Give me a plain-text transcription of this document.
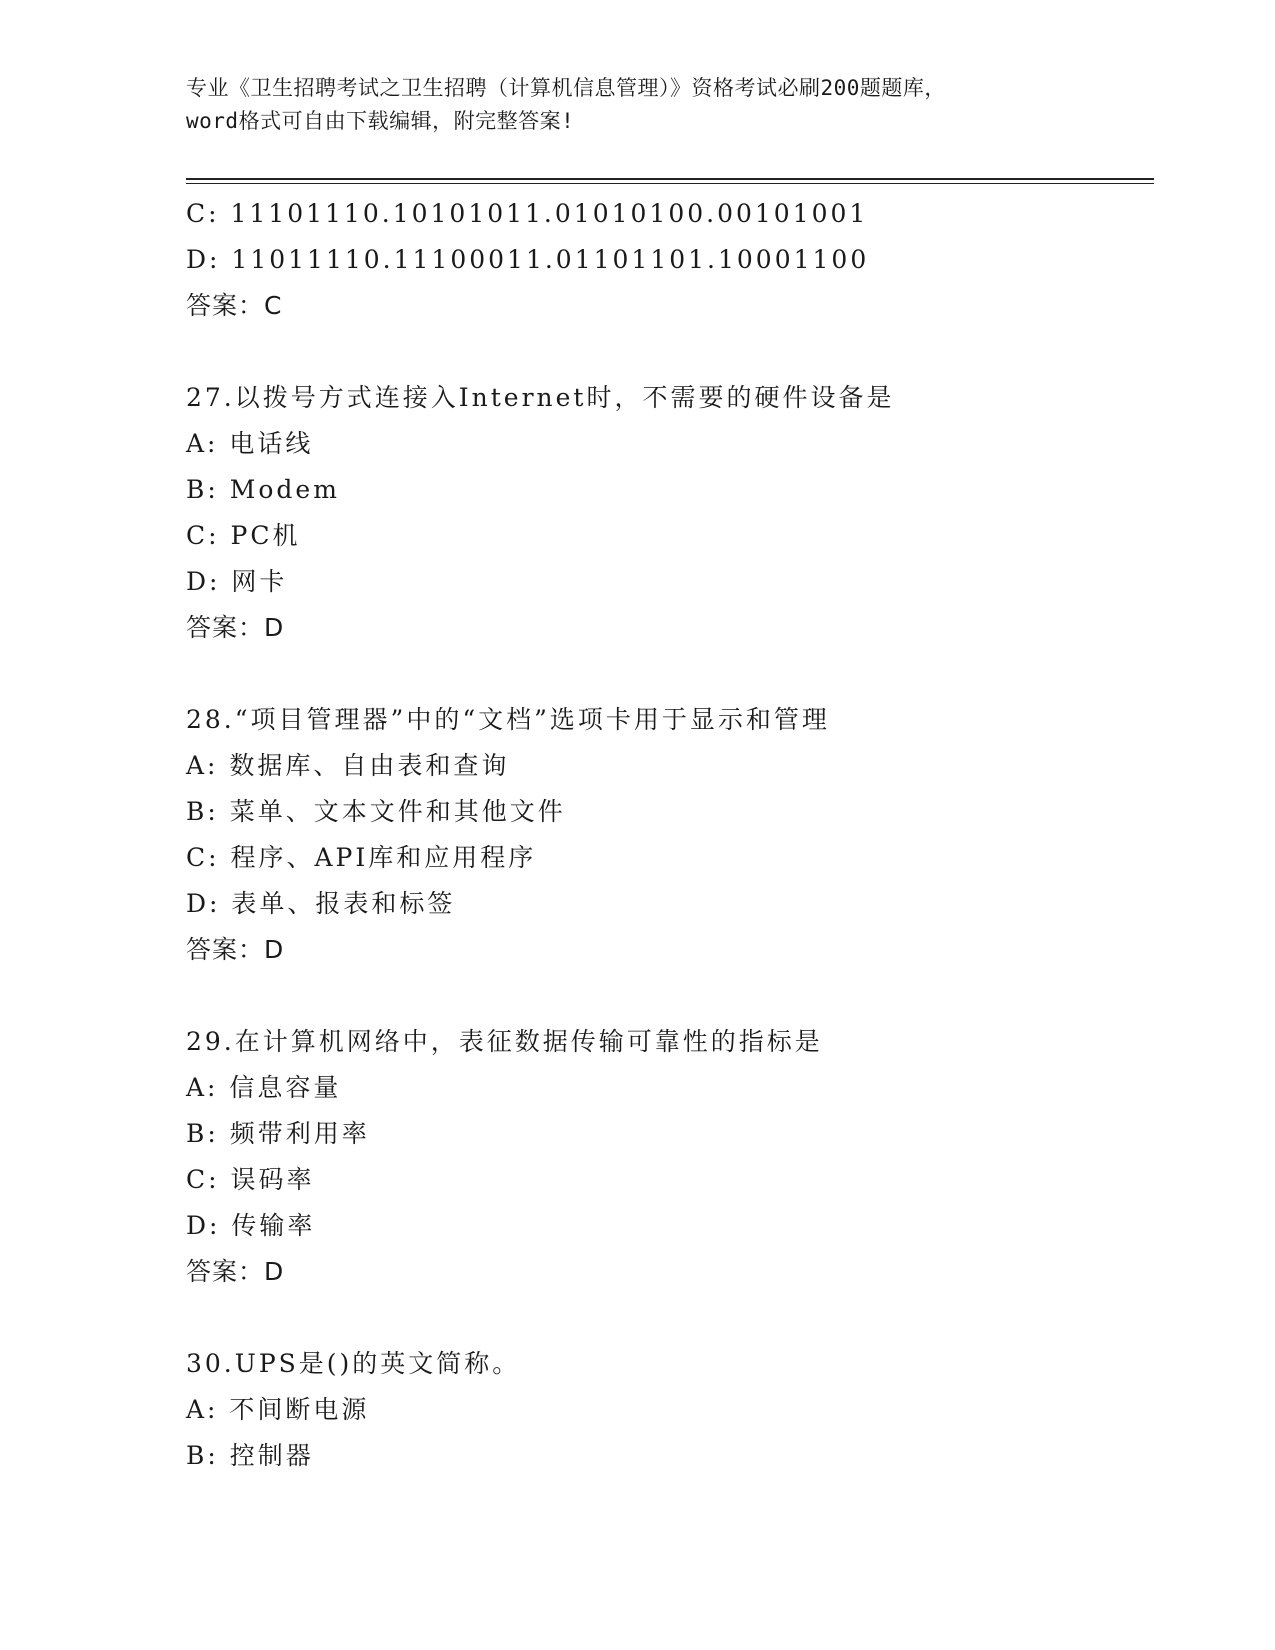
专业《卫生招聘考试之卫生招聘（计算机信息管理）》资格考试必刷200题题库，
word格式可自由下载编辑，附完整答案!
C: 11101110.10101011.01010100.00101001
D: 11011110.11100011.01101101.10001100
答案：C
27.以拨号方式连接入Internet时，不需要的硬件设备是
A: 电话线
B: Modem
C: PC机
D: 网卡
答案：D
28.“项目管理器”中的“文档”选项卡用于显示和管理
A: 数据库、自由表和查询
B: 菜单、文本文件和其他文件
C: 程序、API库和应用程序
D: 表单、报表和标签
答案：D
29.在计算机网络中，表征数据传输可靠性的指标是
A: 信息容量
B: 频带利用率
C: 误码率
D: 传输率
答案：D
30.UPS是()的英文简称。
A: 不间断电源
B: 控制器
